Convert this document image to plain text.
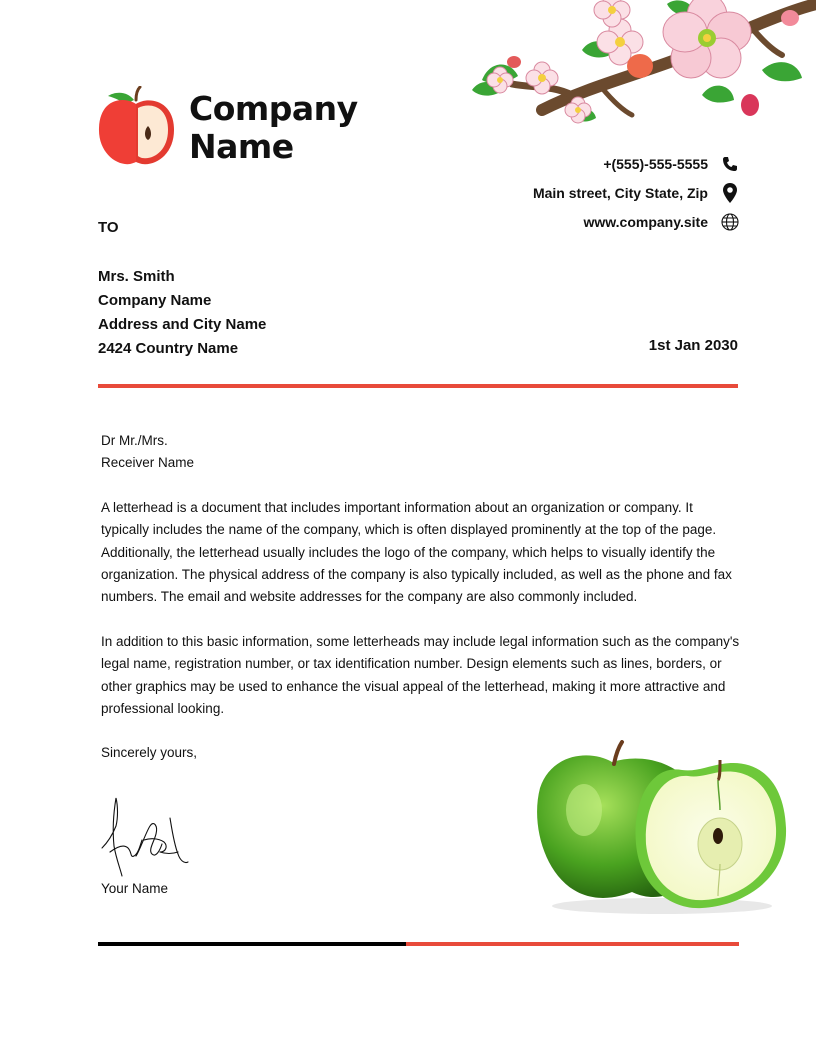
Company Name	+(555)-555-5555
Main street, City State, Zip
www.company.site
TO
Mrs. Smith
Company Name
Address and City Name
2424 Country Name	1st Jan 2030

Dr Mr./Mrs.
Receiver Name

A letterhead is a document that includes important information about an organization or company. It typically includes the name of the company, which is often displayed prominently at the top of the page. Additionally, the letterhead usually includes the logo of the company, which helps to visually identify the organization. The physical address of the company is also typically included, as well as the phone and fax numbers. The email and website addresses for the company are also commonly included.

In addition to this basic information, some letterheads may include legal information such as the company's legal name, registration number, or tax identification number. Design elements such as lines, borders, or other graphics may be used to enhance the visual appeal of the letterhead, making it more attractive and professional looking.

Sincerely yours,

Your Name
